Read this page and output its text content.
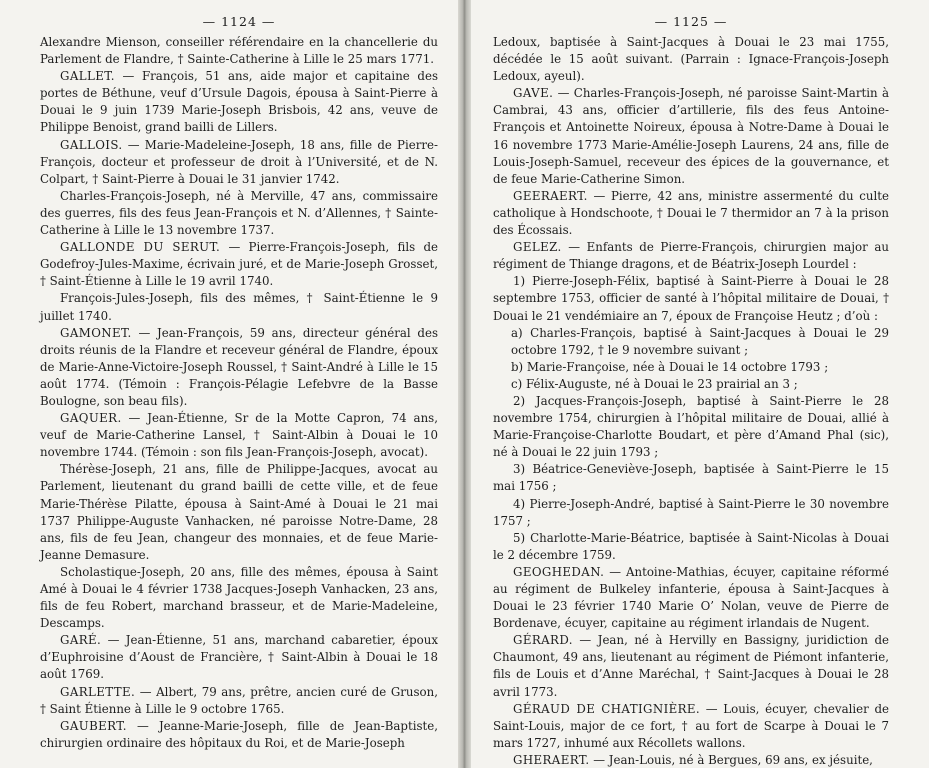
— 1124 —

Alexandre Mienson, conseiller référendaire en la chancellerie du Parlement de Flandre, † Sainte-Catherine à Lille le 25 mars 1771.

GALLET. — François, 51 ans, aide major et capitaine des portes de Béthune, veuf d’Ursule Dagois, épousa à Saint-Pierre à Douai le 9 juin 1739 Marie-Joseph Brisbois, 42 ans, veuve de Philippe Benoist, grand bailli de Lillers.

GALLOIS. — Marie-Madeleine-Joseph, 18 ans, fille de Pierre-François, docteur et professeur de droit à l’Université, et de N. Colpart, † Saint-Pierre à Douai le 31 janvier 1742.

Charles-François-Joseph, né à Merville, 47 ans, commissaire des guerres, fils des feus Jean-François et N. d’Allennes, † Sainte-Catherine à Lille le 13 novembre 1737.

GALLONDE DU SERUT. — Pierre-François-Joseph, fils de Godefroy-Jules-Maxime, écrivain juré, et de Marie-Joseph Grosset, † Saint-Étienne à Lille le 19 avril 1740.

François-Jules-Joseph, fils des mêmes, † Saint-Étienne le 9 juillet 1740.

GAMONET. — Jean-François, 59 ans, directeur général des droits réunis de la Flandre et receveur général de Flandre, époux de Marie-Anne-Victoire-Joseph Roussel, † Saint-André à Lille le 15 août 1774. (Témoin : François-Pélagie Lefebvre de la Basse Boulogne, son beau fils).

GAQUER. — Jean-Étienne, Sr de la Motte Capron, 74 ans, veuf de Marie-Catherine Lansel, † Saint-Albin à Douai le 10 novembre 1744. (Témoin : son fils Jean-François-Joseph, avocat).

Thérèse-Joseph, 21 ans, fille de Philippe-Jacques, avocat au Parlement, lieutenant du grand bailli de cette ville, et de feue Marie-Thérèse Pilatte, épousa à Saint-Amé à Douai le 21 mai 1737 Philippe-Auguste Vanhacken, né paroisse Notre-Dame, 28 ans, fils de feu Jean, changeur des monnaies, et de feue Marie-Jeanne Demasure.

Scholastique-Joseph, 20 ans, fille des mêmes, épousa à Saint Amé à Douai le 4 février 1738 Jacques-Joseph Vanhacken, 23 ans, fils de feu Robert, marchand brasseur, et de Marie-Madeleine, Descamps.

GARÉ. — Jean-Étienne, 51 ans, marchand cabaretier, époux d’Euphroisine d’Aoust de Francière, † Saint-Albin à Douai le 18 août 1769.

GARLETTE. — Albert, 79 ans, prêtre, ancien curé de Gruson, † Saint Étienne à Lille le 9 octobre 1765.

GAUBERT. — Jeanne-Marie-Joseph, fille de Jean-Baptiste, chirurgien ordinaire des hôpitaux du Roi, et de Marie-Joseph

— 1125 —

Ledoux, baptisée à Saint-Jacques à Douai le 23 mai 1755, décédée le 15 août suivant. (Parrain : Ignace-François-Joseph Ledoux, ayeul).

GAVE. — Charles-François-Joseph, né paroisse Saint-Martin à Cambrai, 43 ans, officier d’artillerie, fils des feus Antoine-François et Antoinette Noireux, épousa à Notre-Dame à Douai le 16 novembre 1773 Marie-Amélie-Joseph Laurens, 24 ans, fille de Louis-Joseph-Samuel, receveur des épices de la gouvernance, et de feue Marie-Catherine Simon.

GEERAERT. — Pierre, 42 ans, ministre assermenté du culte catholique à Hondschoote, † Douai le 7 thermidor an 7 à la prison des Écossais.

GELEZ. — Enfants de Pierre-François, chirurgien major au régiment de Thiange dragons, et de Béatrix-Joseph Lourdel :

1) Pierre-Joseph-Félix, baptisé à Saint-Pierre à Douai le 28 septembre 1753, officier de santé à l’hôpital militaire de Douai, † Douai le 21 vendémiaire an 7, époux de Françoise Heutz ; d’où :

a) Charles-François, baptisé à Saint-Jacques à Douai le 29 octobre 1792, † le 9 novembre suivant ;

b) Marie-Françoise, née à Douai le 14 octobre 1793 ;

c) Félix-Auguste, né à Douai le 23 prairial an 3 ;

2) Jacques-François-Joseph, baptisé à Saint-Pierre le 28 novembre 1754, chirurgien à l’hôpital militaire de Douai, allié à Marie-Françoise-Charlotte Boudart, et père d’Amand Phal (sic), né à Douai le 22 juin 1793 ;

3) Béatrice-Geneviève-Joseph, baptisée à Saint-Pierre le 15 mai 1756 ;

4) Pierre-Joseph-André, baptisé à Saint-Pierre le 30 novembre 1757 ;

5) Charlotte-Marie-Béatrice, baptisée à Saint-Nicolas à Douai le 2 décembre 1759.

GEOGHEDAN. — Antoine-Mathias, écuyer, capitaine réformé au régiment de Bulkeley infanterie, épousa à Saint-Jacques à Douai le 23 février 1740 Marie O’ Nolan, veuve de Pierre de Bordenave, écuyer, capitaine au régiment irlandais de Nugent.

GÉRARD. — Jean, né à Hervilly en Bassigny, juridiction de Chaumont, 49 ans, lieutenant au régiment de Piémont infanterie, fils de Louis et d’Anne Maréchal, † Saint-Jacques à Douai le 28 avril 1773.

GÉRAUD DE CHATIGNIÈRE. — Louis, écuyer, chevalier de Saint-Louis, major de ce fort, † au fort de Scarpe à Douai le 7 mars 1727, inhumé aux Récollets wallons.

GHERAERT. — Jean-Louis, né à Bergues, 69 ans, ex jésuite,
